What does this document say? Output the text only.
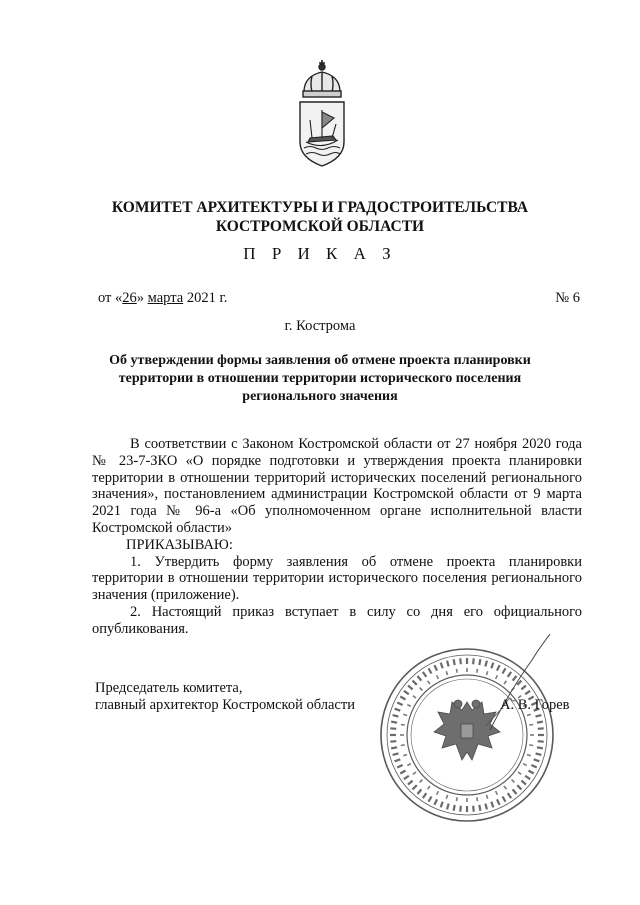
КОМИТЕТ АРХИТЕКТУРЫ И ГРАДОСТРОИТЕЛЬСТВА
КОСТРОМСКОЙ ОБЛАСТИ
П Р И К А З
от «26» марта 2021 г.	№ 6
г. Кострома
Об утверждении формы заявления об отмене проекта планировки
территории в отношении территории исторического поселения
регионального значения

В соответствии с Законом Костромской области от 27 ноября 2020 года № 23-7-ЗКО «О порядке подготовки и утверждения проекта планировки территории в отношении территорий исторических поселений регионального значения», постановлением администрации Костромской области от 9 марта 2021 года № 96-а «Об уполномоченном органе исполнительной власти Костромской области»

ПРИКАЗЫВАЮ:

1. Утвердить форму заявления об отмене проекта планировки территории в отношении территории исторического поселения регионального значения (приложение).

2. Настоящий приказ вступает в силу со дня его официального опубликования.

Председатель комитета,
главный архитектор Костромской области	А. В. Горев
